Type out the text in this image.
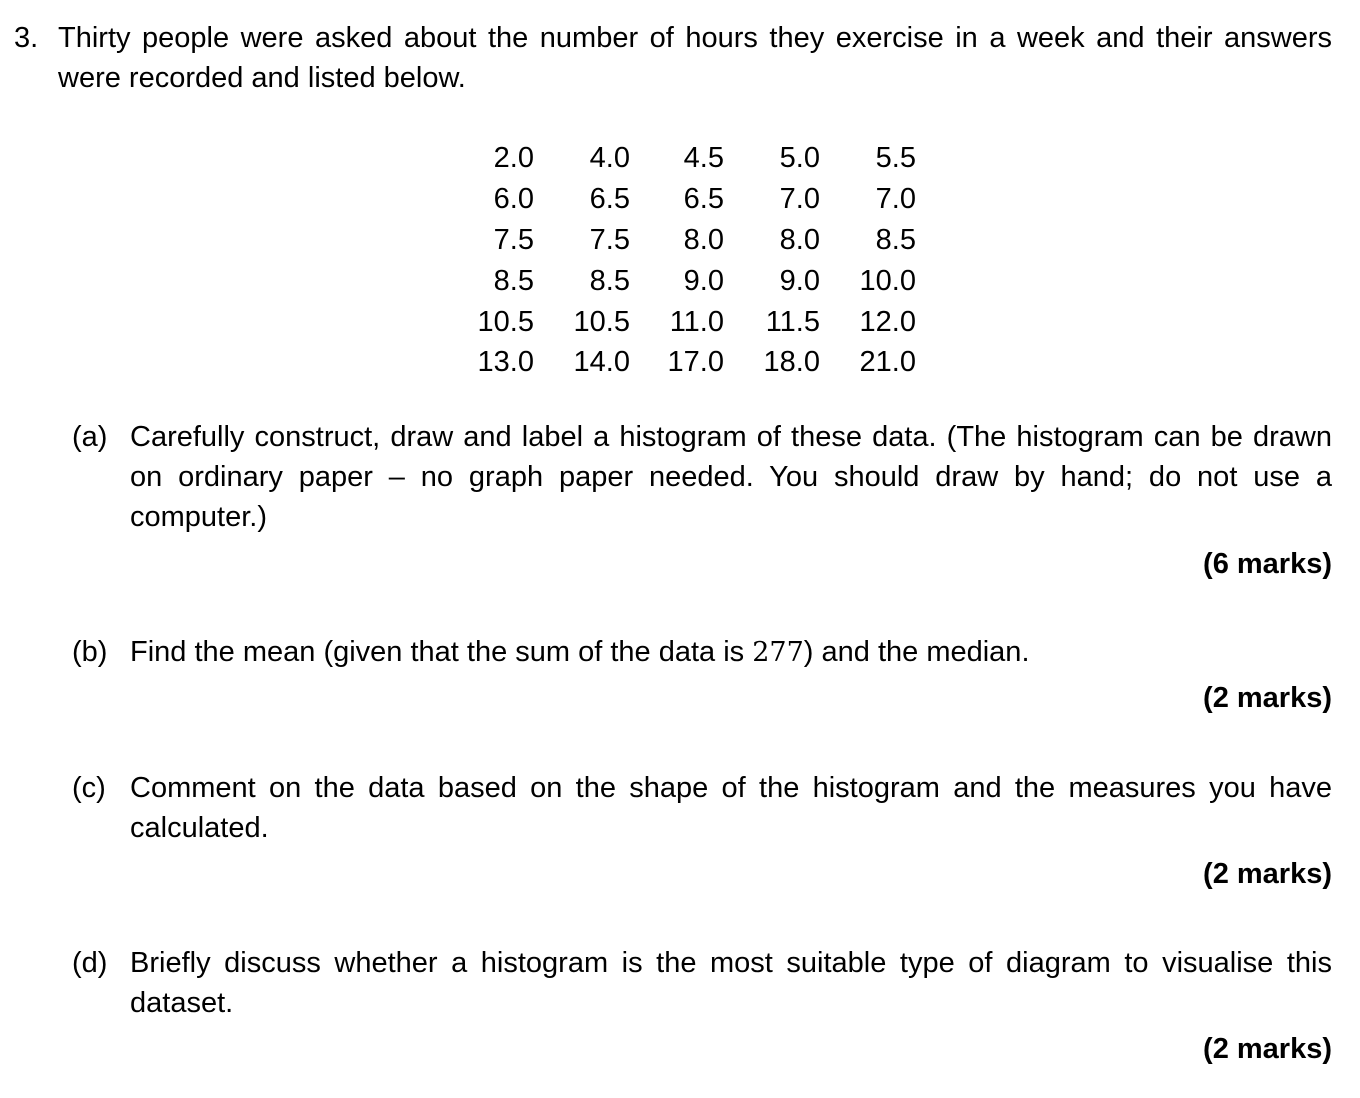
3. Thirty people were asked about the number of hours they exercise in a week and their answers were recorded and listed below.
2.0	4.0	4.5	5.0	5.5
6.0	6.5	6.5	7.0	7.0
7.5	7.5	8.0	8.0	8.5
8.5	8.5	9.0	9.0	10.0
10.5	10.5	11.0	11.5	12.0
13.0	14.0	17.0	18.0	21.0
(a) Carefully construct, draw and label a histogram of these data. (The histogram can be drawn on ordinary paper – no graph paper needed. You should draw by hand; do not use a computer.)
(6 marks)
(b) Find the mean (given that the sum of the data is 277) and the median.
(2 marks)
(c) Comment on the data based on the shape of the histogram and the measures you have calculated.
(2 marks)
(d) Briefly discuss whether a histogram is the most suitable type of diagram to visualise this dataset.
(2 marks)
